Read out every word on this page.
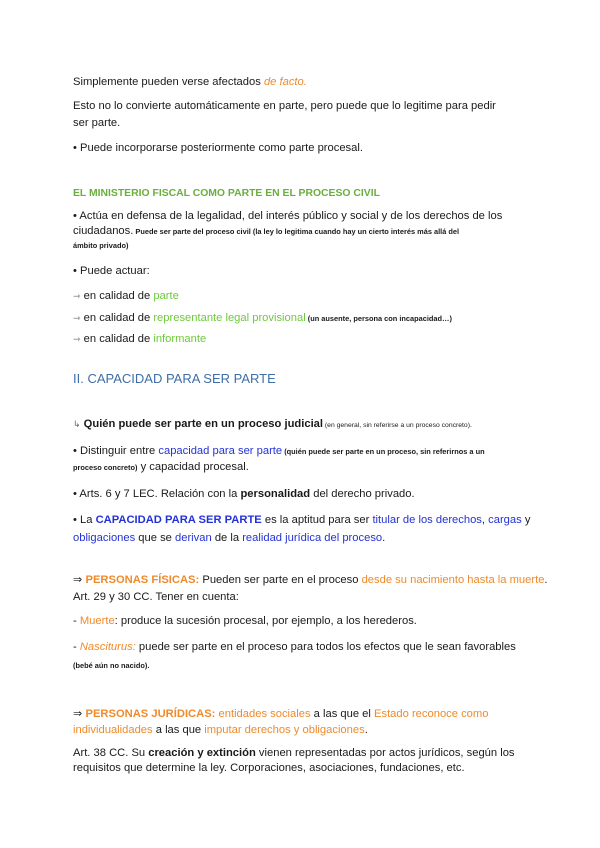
Simplemente pueden verse afectados de facto.
Esto no lo convierte automáticamente en parte, pero puede que lo legitime para pedir
ser parte.
• Puede incorporarse posteriormente como parte procesal.
EL MINISTERIO FISCAL COMO PARTE EN EL PROCESO CIVIL
• Actúa en defensa de la legalidad, del interés público y social y de los derechos de los
ciudadanos. Puede ser parte del proceso civil (la ley lo legitima cuando hay un cierto interés más allá del
ámbito privado)
• Puede actuar:
⇾ en calidad de parte
⇾ en calidad de representante legal provisional (un ausente, persona con incapacidad…)
⇾ en calidad de informante
II. CAPACIDAD PARA SER PARTE
↳ Quién puede ser parte en un proceso judicial (en general, sin referirse a un proceso concreto).
• Distinguir entre capacidad para ser parte (quién puede ser parte en un proceso, sin referirnos a un
proceso concreto) y capacidad procesal.
• Arts. 6 y 7 LEC. Relación con la personalidad del derecho privado.
• La CAPACIDAD PARA SER PARTE es la aptitud para ser titular de los derechos, cargas y
obligaciones que se derivan de la realidad jurídica del proceso.
⇒ PERSONAS FÍSICAS: Pueden ser parte en el proceso desde su nacimiento hasta la muerte.
Art. 29 y 30 CC. Tener en cuenta:
- Muerte: produce la sucesión procesal, por ejemplo, a los herederos.
- Nasciturus: puede ser parte en el proceso para todos los efectos que le sean favorables
(bebé aún no nacido).
⇒ PERSONAS JURÍDICAS: entidades sociales a las que el Estado reconoce como
individualidades a las que imputar derechos y obligaciones.
Art. 38 CC. Su creación y extinción vienen representadas por actos jurídicos, según los
requisitos que determine la ley. Corporaciones, asociaciones, fundaciones, etc.
